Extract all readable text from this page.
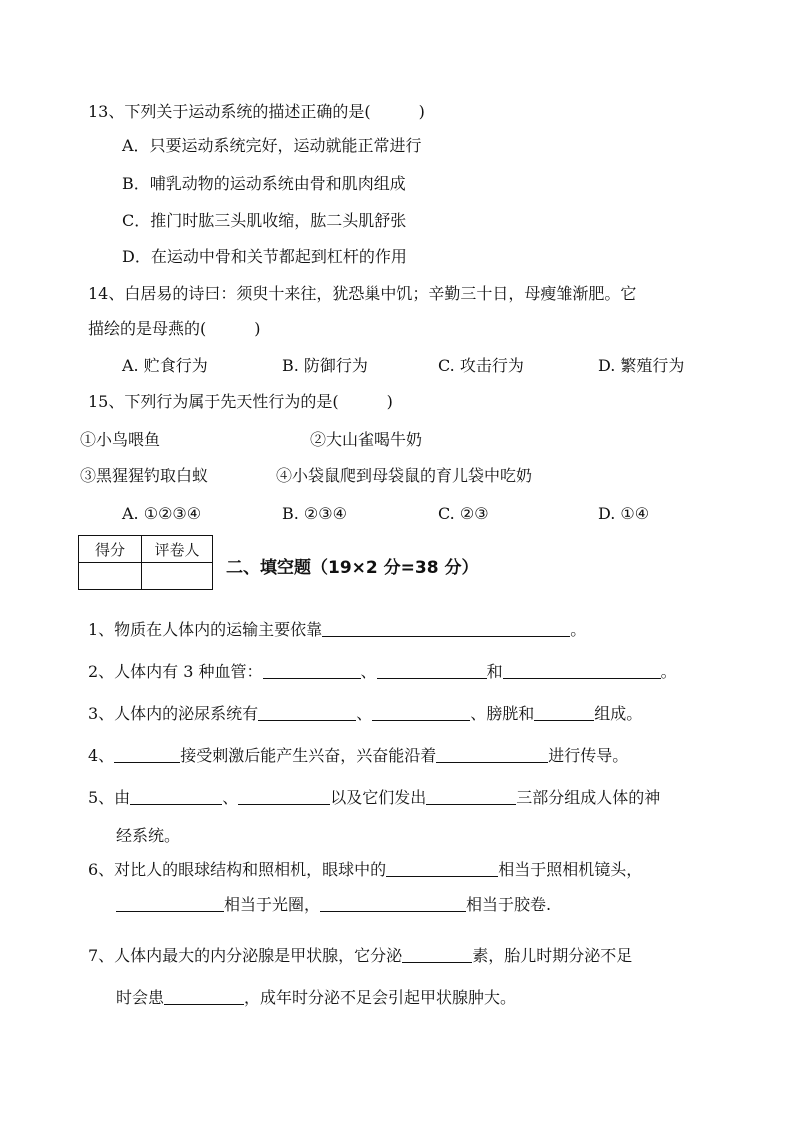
13、下列关于运动系统的描述正确的是(　　　)
A．只要运动系统完好，运动就能正常进行
B．哺乳动物的运动系统由骨和肌肉组成
C．推门时肱三头肌收缩，肱二头肌舒张
D．在运动中骨和关节都起到杠杆的作用
14、白居易的诗曰：须臾十来往，犹恐巢中饥；辛勤三十日，母瘦雏渐肥。它
描绘的是母燕的(　　　)
A. 贮食行为	B. 防御行为	C. 攻击行为	D. 繁殖行为
15、下列行为属于先天性行为的是(　　　)
①小鸟喂鱼	②大山雀喝牛奶
③黑猩猩钓取白蚁	④小袋鼠爬到母袋鼠的育儿袋中吃奶
A. ①②③④	B. ②③④	C. ②③	D. ①④
得分	评卷人

二、填空题（19×2 分=38 分）
1、物质在人体内的运输主要依靠	。
2、人体内有 3 种血管：	、	和	。
3、人体内的泌尿系统有	、	、膀胱和	组成。
4、	接受刺激后能产生兴奋，兴奋能沿着	进行传导。
5、由	、	以及它们发出	三部分组成人体的神
经系统。
6、对比人的眼球结构和照相机，眼球中的	相当于照相机镜头，
相当于光圈，	相当于胶卷.
7、人体内最大的内分泌腺是甲状腺，它分泌	素，胎儿时期分泌不足
时会患	，成年时分泌不足会引起甲状腺肿大。
